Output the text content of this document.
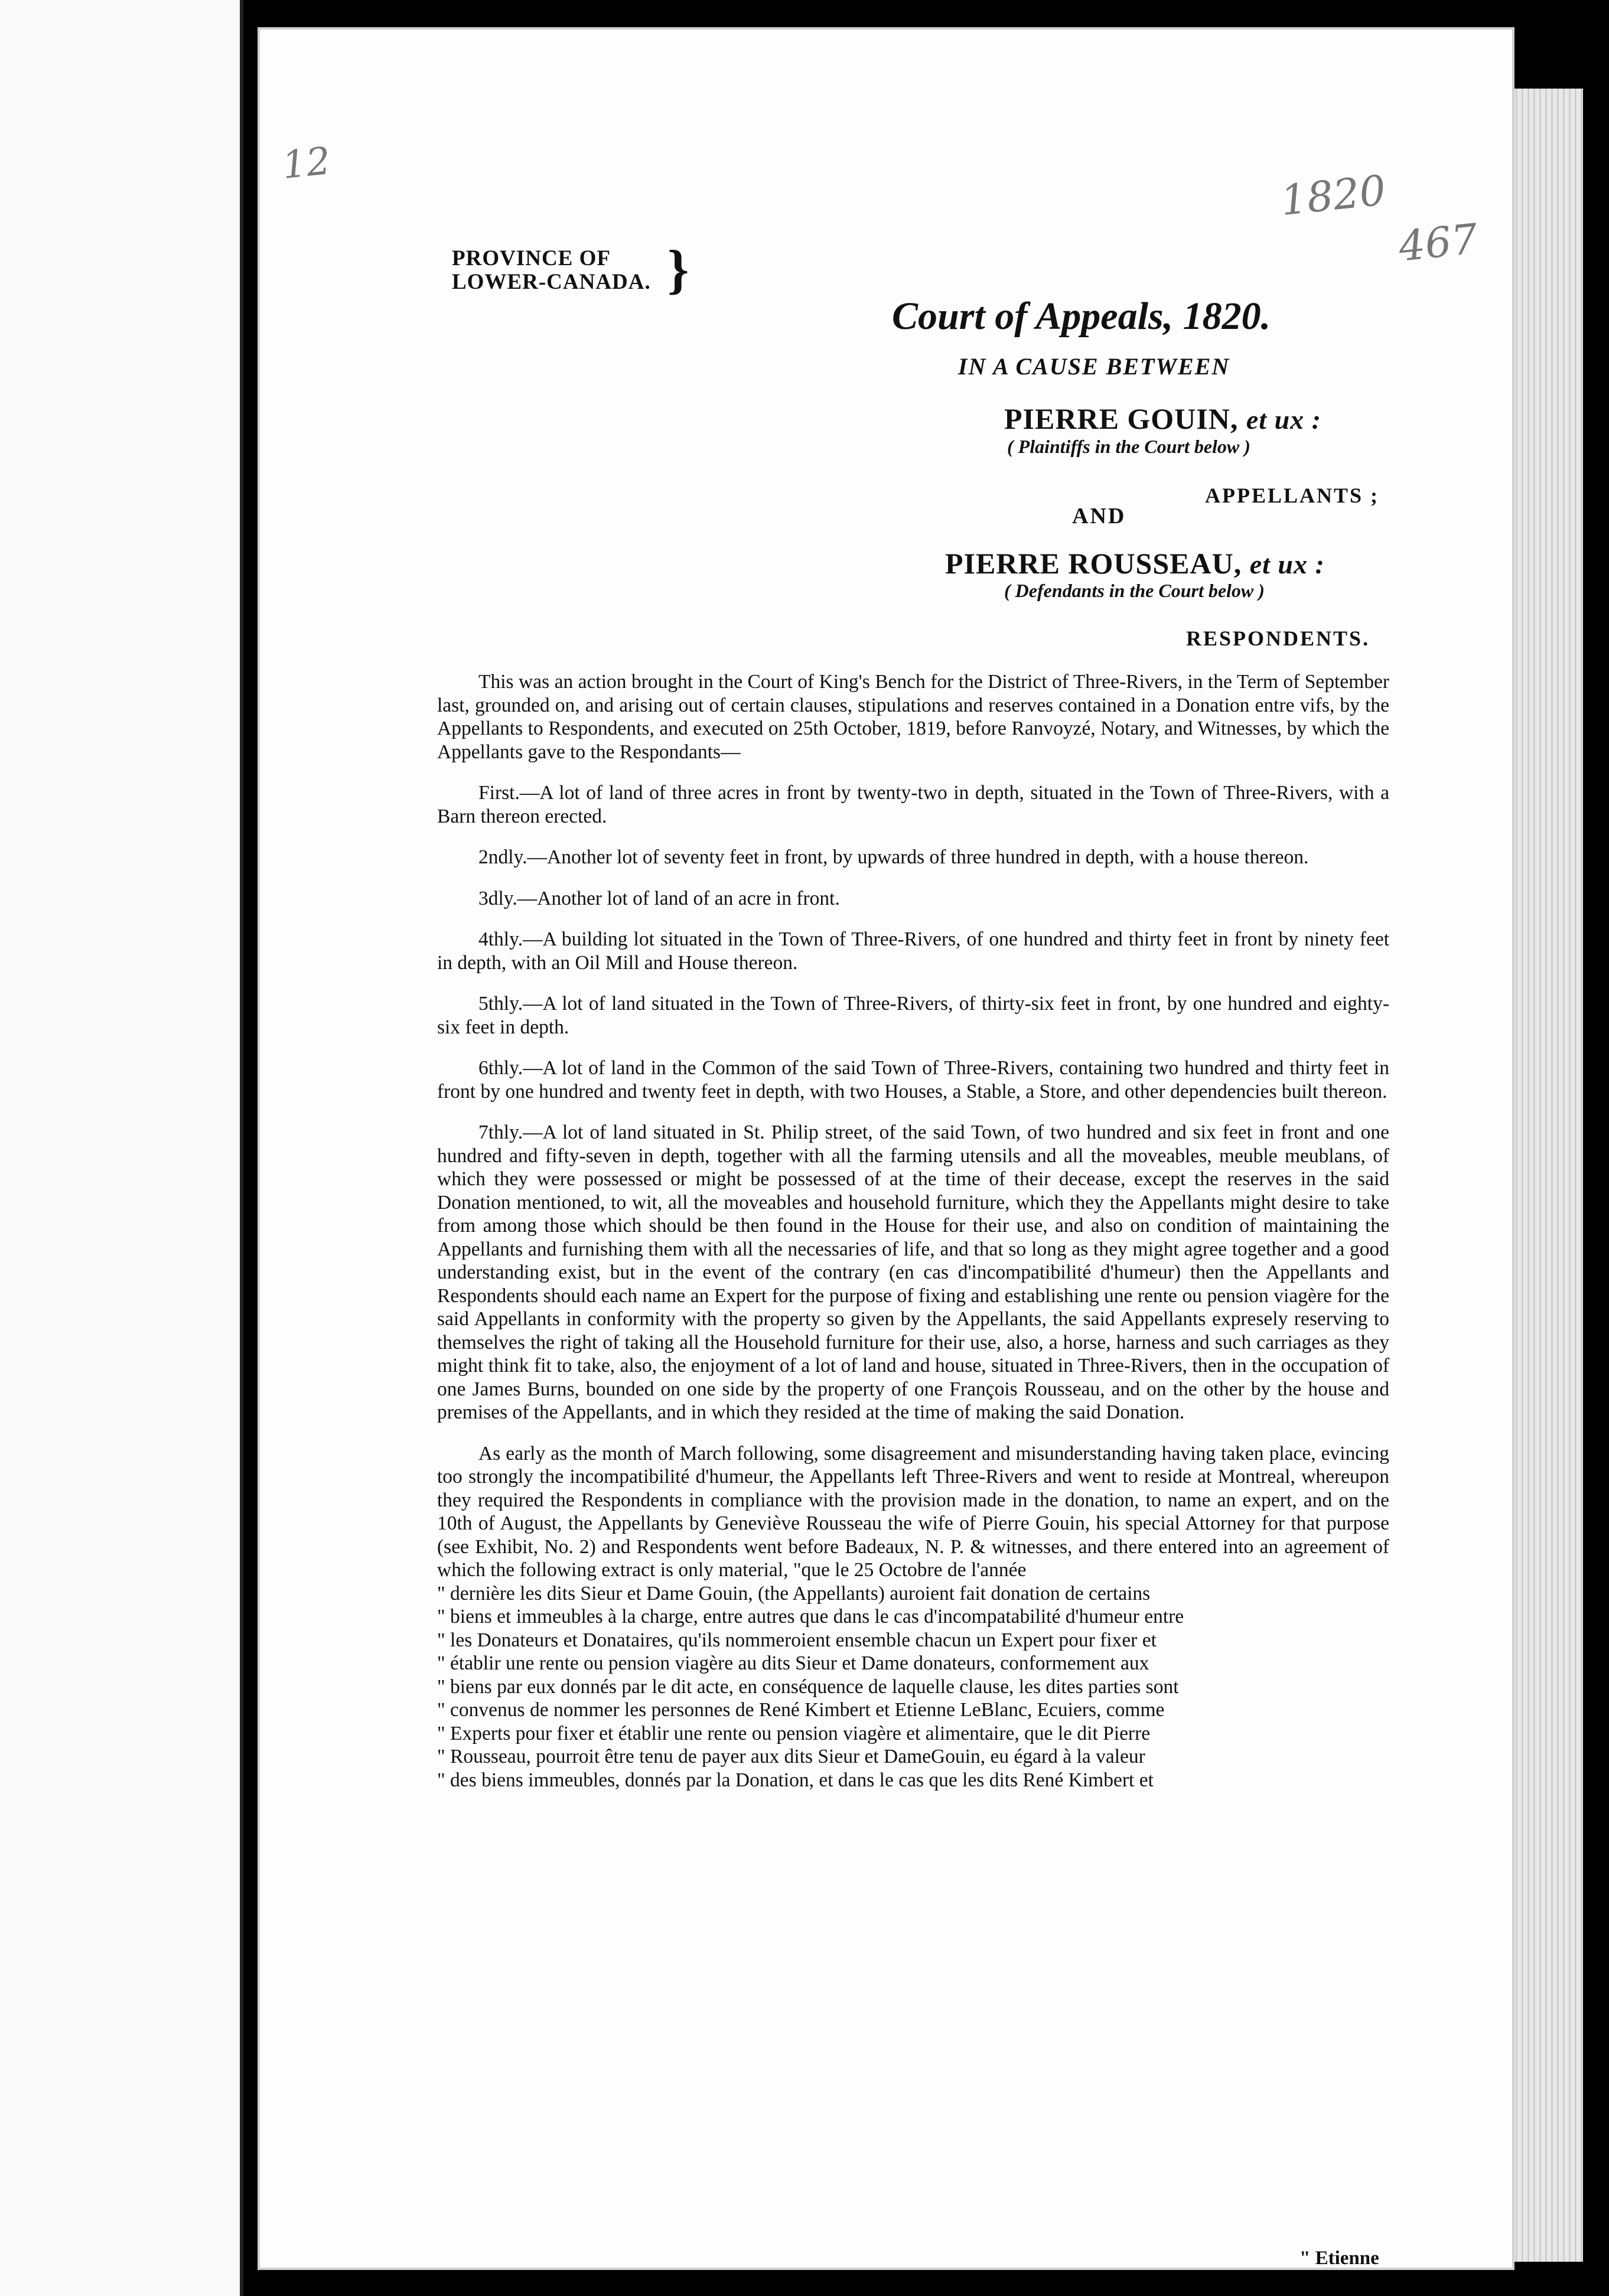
12
1820
467
PROVINCE OF
LOWER-CANADA. }
Court of Appeals, 1820.
IN A CAUSE BETWEEN
PIERRE GOUIN, et ux :
( Plaintiffs in the Court below )
APPELLANTS ;
AND
PIERRE ROUSSEAU, et ux :
( Defendants in the Court below )
RESPONDENTS.

This was an action brought in the Court of King's Bench for the District of Three-Rivers, in the Term of September last, grounded on, and arising out of certain clauses, stipulations and reserves contained in a Donation entre vifs, by the Appellants to Respondents, and executed on 25th October, 1819, before Ranvoyzé, Notary, and Witnesses, by which the Appellants gave to the Respondants—

First.—A lot of land of three acres in front by twenty-two in depth, situated in the Town of Three-Rivers, with a Barn thereon erected.

2ndly.—Another lot of seventy feet in front, by upwards of three hundred in depth, with a house thereon.

3dly.—Another lot of land of an acre in front.

4thly.—A building lot situated in the Town of Three-Rivers, of one hundred and thirty feet in front by ninety feet in depth, with an Oil Mill and House thereon.

5thly.—A lot of land situated in the Town of Three-Rivers, of thirty-six feet in front, by one hundred and eighty-six feet in depth.

6thly.—A lot of land in the Common of the said Town of Three-Rivers, containing two hundred and thirty feet in front by one hundred and twenty feet in depth, with two Houses, a Stable, a Store, and other dependencies built thereon.

7thly.—A lot of land situated in St. Philip street, of the said Town, of two hundred and six feet in front and one hundred and fifty-seven in depth, together with all the farming utensils and all the moveables, meuble meublans, of which they were possessed or might be possessed of at the time of their decease, except the reserves in the said Donation mentioned, to wit, all the moveables and household furniture, which they the Appellants might desire to take from among those which should be then found in the House for their use, and also on condition of maintaining the Appellants and furnishing them with all the necessaries of life, and that so long as they might agree together and a good understanding exist, but in the event of the contrary (en cas d'incompatibilité d'humeur) then the Appellants and Respondents should each name an Expert for the purpose of fixing and establishing une rente ou pension viagère for the said Appellants in conformity with the property so given by the Appellants, the said Appellants expresely reserving to themselves the right of taking all the Household furniture for their use, also, a horse, harness and such carriages as they might think fit to take, also, the enjoyment of a lot of land and house, situated in Three-Rivers, then in the occupation of one James Burns, bounded on one side by the property of one François Rousseau, and on the other by the house and premises of the Appellants, and in which they resided at the time of making the said Donation.

As early as the month of March following, some disagreement and misunderstanding having taken place, evincing too strongly the incompatibilité d'humeur, the Appellants left Three-Rivers and went to reside at Montreal, whereupon they required the Respondents in compliance with the provision made in the donation, to name an expert, and on the 10th of August, the Appellants by Geneviève Rousseau the wife of Pierre Gouin, his special Attorney for that purpose (see Exhibit, No. 2) and Respondents went before Badeaux, N. P. & witnesses, and there entered into an agreement of which the following extract is only material, "que le 25 Octobre de l'année

" dernière les dits Sieur et Dame Gouin, (the Appellants) auroient fait donation de certains
" biens et immeubles à la charge, entre autres que dans le cas d'incompatabilité d'humeur entre
" les Donateurs et Donataires, qu'ils nommeroient ensemble chacun un Expert pour fixer et
" établir une rente ou pension viagère au dits Sieur et Dame donateurs, conformement aux
" biens par eux donnés par le dit acte, en conséquence de laquelle clause, les dites parties sont
" convenus de nommer les personnes de René Kimbert et Etienne LeBlanc, Ecuiers, comme
" Experts pour fixer et établir une rente ou pension viagère et alimentaire, que le dit Pierre
" Rousseau, pourroit être tenu de payer aux dits Sieur et DameGouin, eu égard à la valeur
" des biens immeubles, donnés par la Donation, et dans le cas que les dits René Kimbert et
" Etienne
